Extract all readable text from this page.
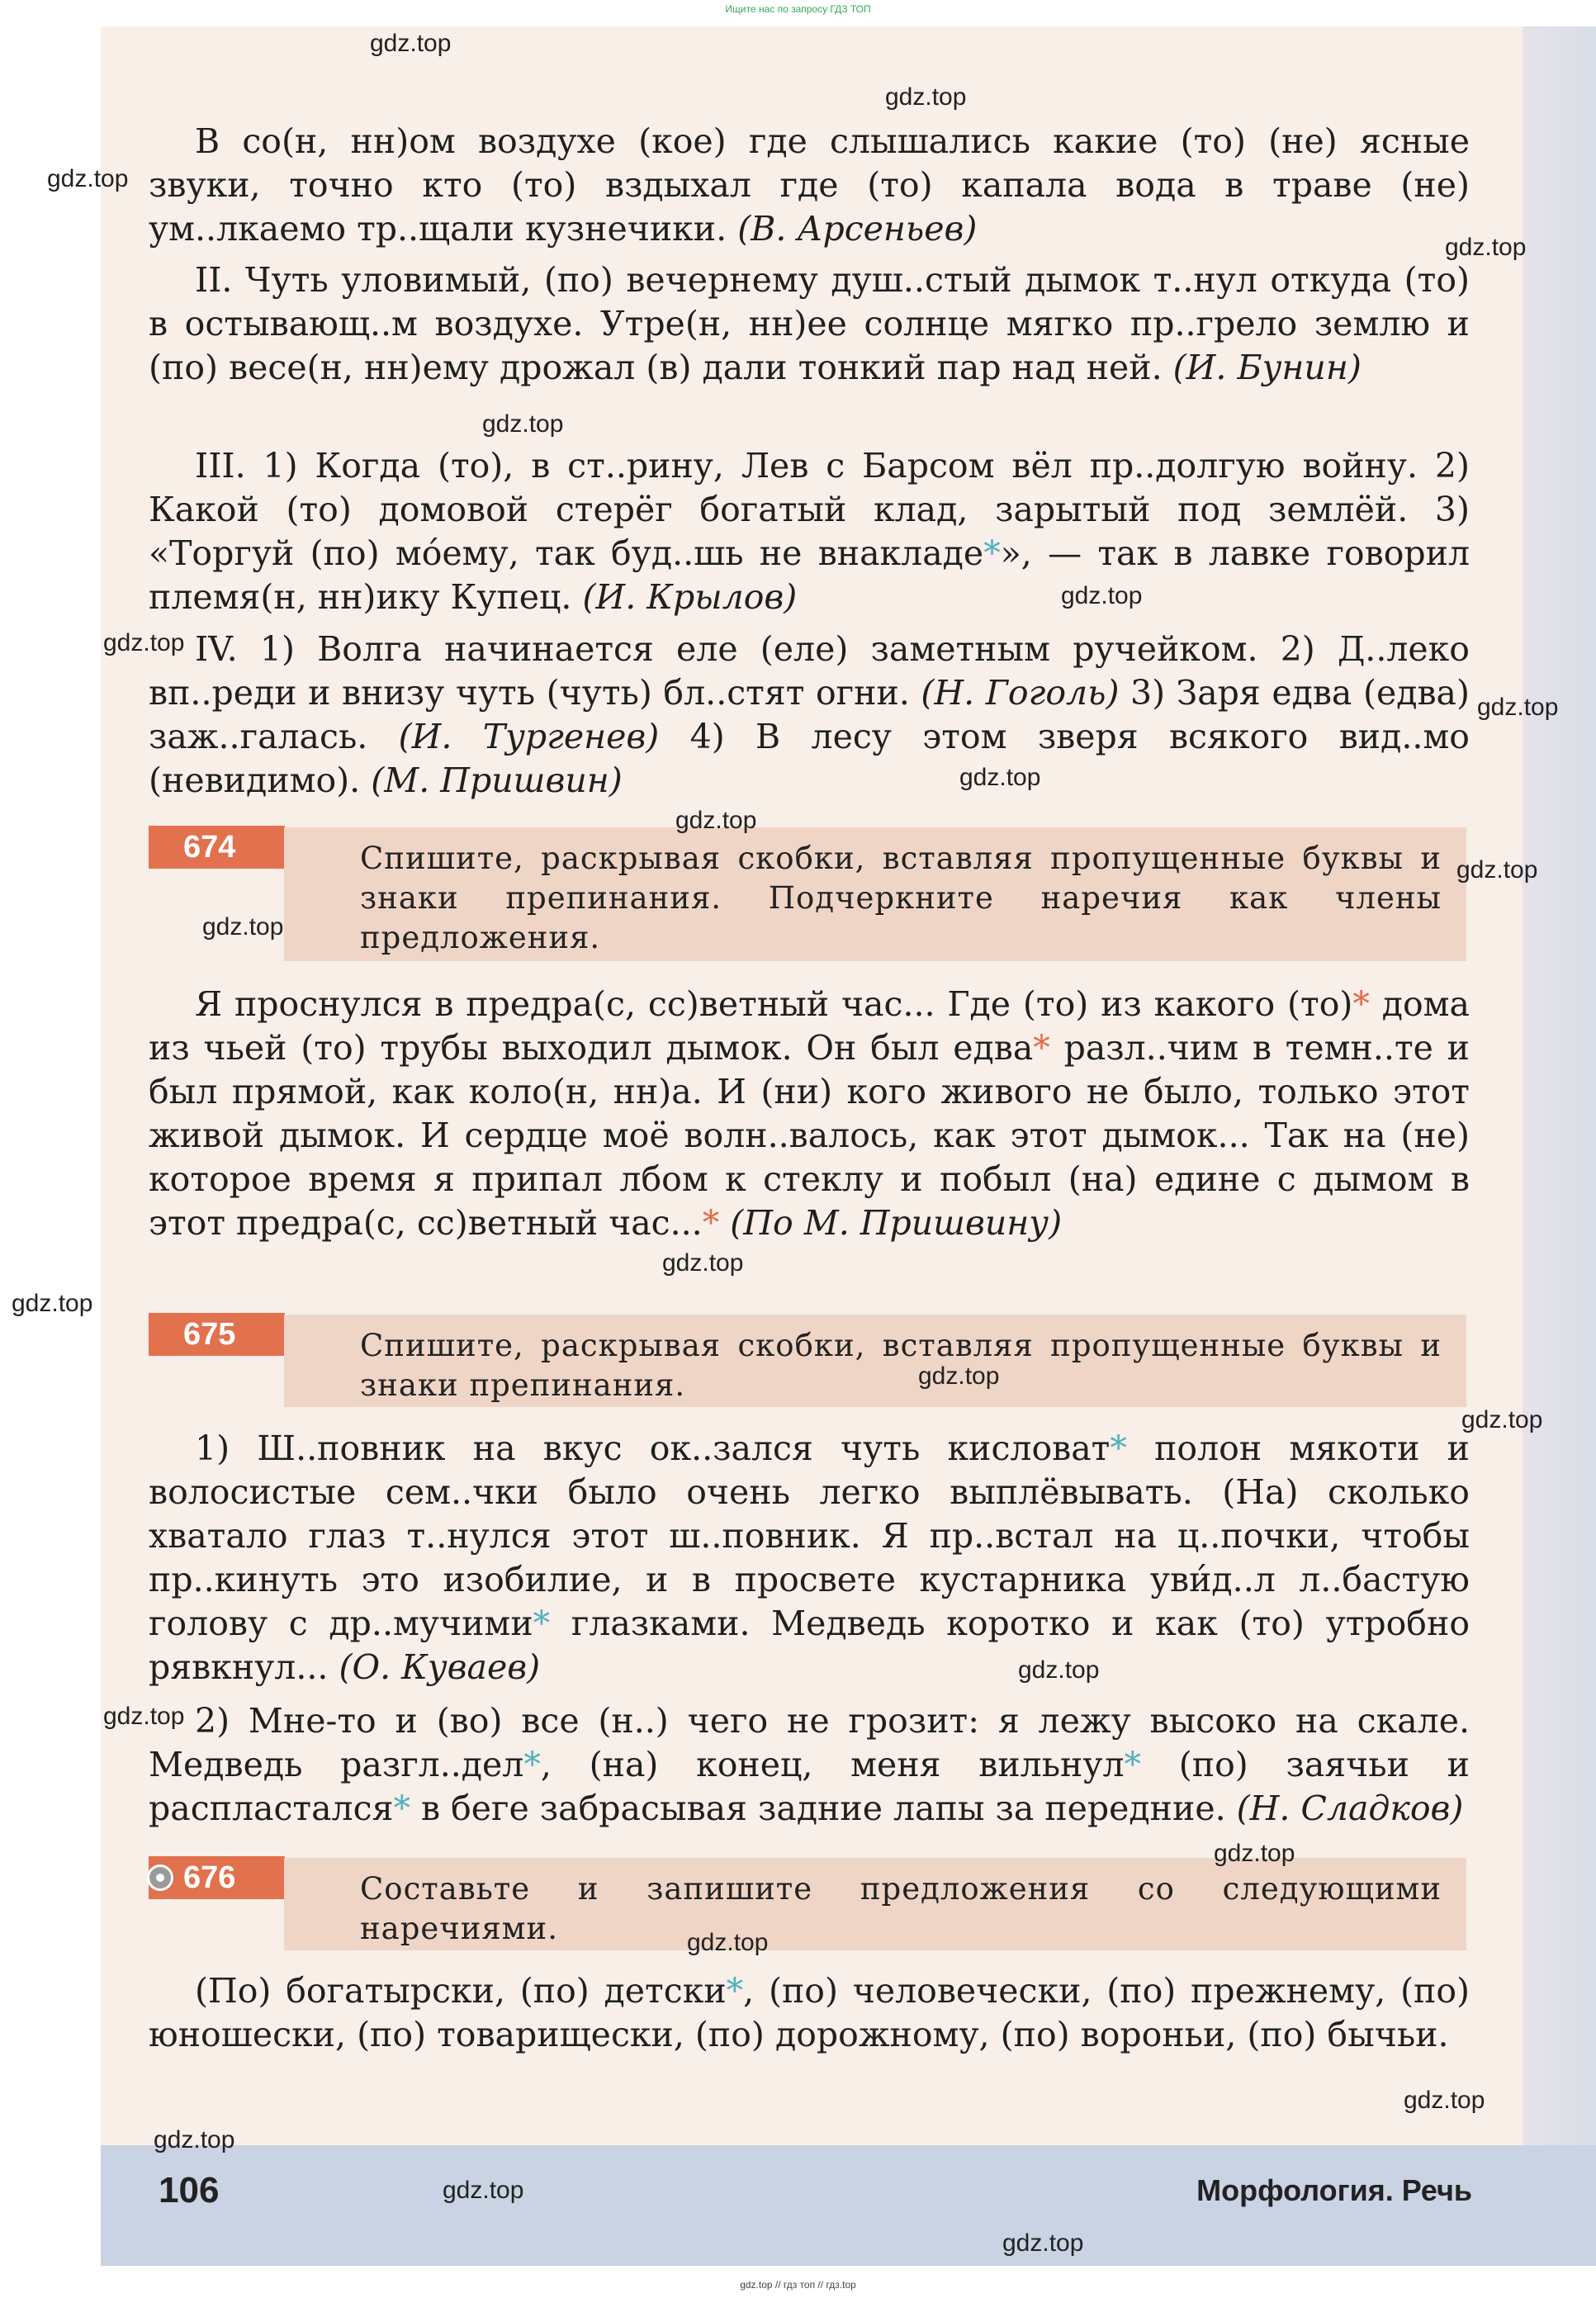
Ищите нас по запросу ГДЗ ТОП

В со(н, нн)ом воздухе (кое) где слышались какие (то) (не) ясные звуки, точно кто (то) вздыхал где (то) капала вода в траве (не) ум..лкаемо тр..щали кузнечики. (В. Арсеньев)

II. Чуть уловимый, (по) вечернему душ..стый дымок т..нул откуда (то) в остывающ..м воздухе. Утре(н, нн)ее солнце мягко пр..грело землю и (по) весе(н, нн)ему дрожал (в) дали тонкий пар над ней. (И. Бунин)

III. 1) Когда (то), в ст..рину, Лев с Барсом вёл пр..долгую войну. 2) Какой (то) домовой стерёг богатый клад, зарытый под землёй. 3) «Торгуй (по) мо́ему, так буд..шь не внакладе*», — так в лавке говорил племя(н, нн)ику Купец. (И. Крылов)

IV. 1) Волга начинается еле (еле) заметным ручейком. 2) Д..леко вп..реди и внизу чуть (чуть) бл..стят огни. (Н. Гоголь) 3) Заря едва (едва) заж..галась. (И. Тургенев) 4) В лесу этом зверя всякого вид..мо (невидимо). (М. Пришвин)

674	Спишите, раскрывая скобки, вставляя пропущенные буквы и знаки препинания. Подчеркните наречия как члены предложения.

Я проснулся в предра(с, сс)ветный час... Где (то) из какого (то)* дома из чьей (то) трубы выходил дымок. Он был едва* разл..чим в темн..те и был прямой, как коло(н, нн)а. И (ни) кого живого не было, только этот живой дымок. И сердце моё волн..валось, как этот дымок... Так на (не) которое время я припал лбом к стеклу и побыл (на) едине с дымом в этот предра(с, сс)ветный час...* (По М. Пришвину)

675	Спишите, раскрывая скобки, вставляя пропущенные буквы и знаки препинания.

1) Ш..повник на вкус ок..зался чуть кисловат* полон мякоти и волосистые сем..чки было очень легко выплёвывать. (На) сколько хватало глаз т..нулся этот ш..повник. Я пр..встал на ц..почки, чтобы пр..кинуть это изобилие, и в просвете кустарника уви́д..л л..бастую голову с др..мучими* глазками. Медведь коротко и как (то) утробно рявкнул... (О. Куваев)

2) Мне-то и (во) все (н..) чего не грозит: я лежу высоко на скале. Медведь разгл..дел*, (на) конец, меня вильнул* (по) заячьи и распластался* в беге забрасывая задние лапы за передние. (Н. Сладков)

676	Составьте и запишите предложения со следующими наречиями.

(По) богатырски, (по) детски*, (по) человечески, (по) прежнему, (по) юношески, (по) товарищески, (по) дорожному, (по) вороньи, (по) бычьи.

106	Морфология. Речь
gdz.top
gdz.top
gdz.top
gdz.top
gdz.top
gdz.top
gdz.top
gdz.top
gdz.top
gdz.top
gdz.top
gdz.top
gdz.top
gdz.top
gdz.top
gdz.top
gdz.top
gdz.top
gdz.top
gdz.top
gdz.top
gdz.top
gdz.top
gdz.top
gdz.top // гдз топ // гдз.top
